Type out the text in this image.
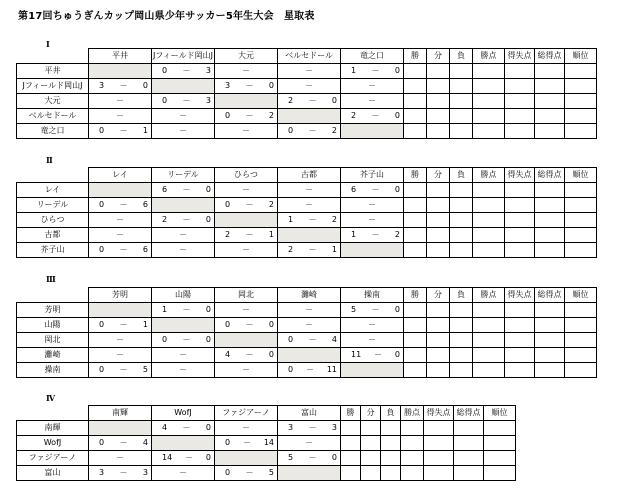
第17回ちゅうぎんカップ岡山県少年サッカー5年生大会　星取表
Ⅰ
	平井	Jフィールド岡山J	大元	ベルセドール	竜之口	勝	分	負	勝点	得失点	総得点	順位
平井		0 － 3	－	－	1 － 0							

Jフィールド岡山J	3 － 0		3 － 0	－	－							

大元	－	0 － 3		2 － 0	－							

ベルセドール	－	－	0 － 2		2 － 0							

竜之口	0 － 1	－	－	0 － 2								

Ⅱ
	レイ	リーデル	ひらつ	古都	芥子山	勝	分	負	勝点	得失点	総得点	順位
レイ		6 － 0	－	－	6 － 0							

リーデル	0 － 6		0 － 2	－	－							

ひらつ	－	2 － 0		1 － 2	－							

古都	－	－	2 － 1		1 － 2							

芥子山	0 － 6	－	－	2 － 1								

Ⅲ
	芳明	山陽	岡北	灘崎	操南	勝	分	負	勝点	得失点	総得点	順位
芳明		1 － 0	－	－	5 － 0							

山陽	0 － 1		0 － 0	－	－							

岡北	－	0 － 0		0 － 4	－							

灘崎	－	－	4 － 0		11 － 0							

操南	0 － 5	－	－	0 － 11								

Ⅳ
	南輝	WofJ	ファジアーノ	富山	勝	分	負	勝点	得失点	総得点	順位
南輝		4 － 0	－	3 － 3							

WofJ	0 － 4		0 － 14	－							

ファジアーノ	－	14 － 0		5 － 0							

富山	3 － 3	－	0 － 5								
